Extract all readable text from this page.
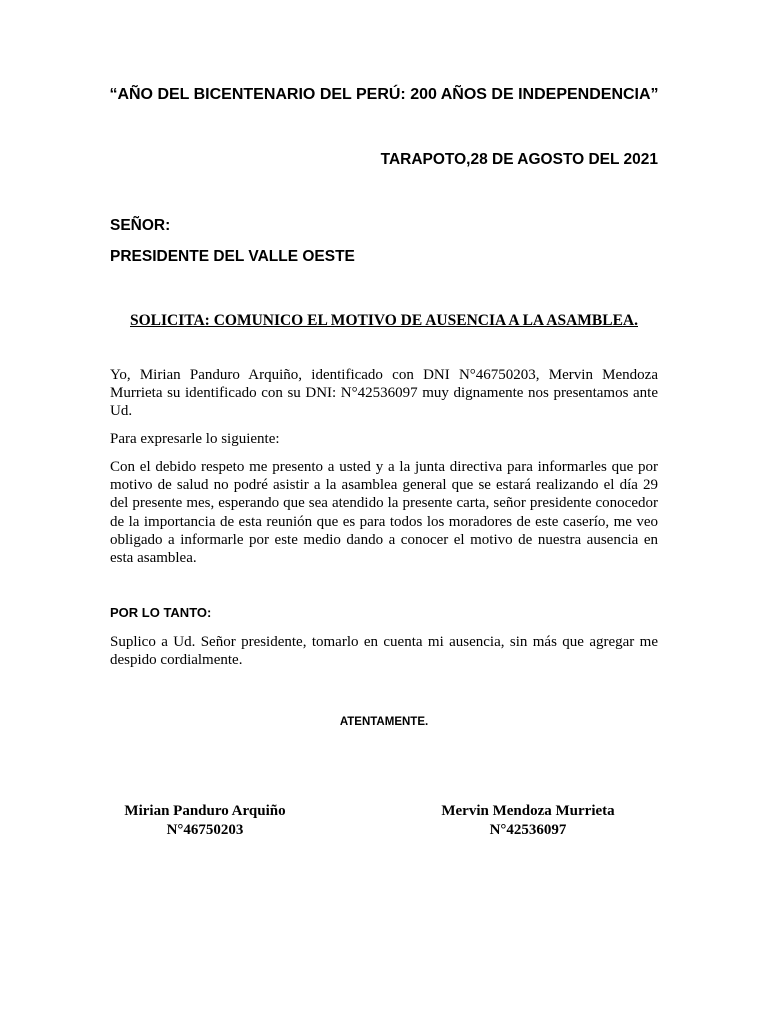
“AÑO DEL BICENTENARIO DEL PERÚ: 200 AÑOS DE INDEPENDENCIA”
TARAPOTO,28 DE AGOSTO DEL 2021
SEÑOR:
PRESIDENTE DEL VALLE OESTE
SOLICITA: COMUNICO EL MOTIVO DE AUSENCIA A LA ASAMBLEA.
Yo, Mirian Panduro Arquiño, identificado con DNI N°46750203, Mervin Mendoza Murrieta su identificado con su DNI: N°42536097 muy dignamente nos presentamos ante Ud.
Para expresarle lo siguiente:
Con el debido respeto me presento a usted y a la junta directiva para informarles que por motivo de salud no podré asistir a la asamblea general que se estará realizando el día 29 del presente mes, esperando que sea atendido la presente carta, señor presidente conocedor de la importancia de esta reunión que es para todos los moradores de este caserío, me veo obligado a informarle por este medio dando a conocer el motivo de nuestra ausencia en esta asamblea.
POR LO TANTO:
Suplico a Ud. Señor presidente, tomarlo en cuenta mi ausencia, sin más que agregar me despido cordialmente.
ATENTAMENTE.
Mirian Panduro Arquiño
N°46750203
Mervin Mendoza Murrieta
N°42536097
